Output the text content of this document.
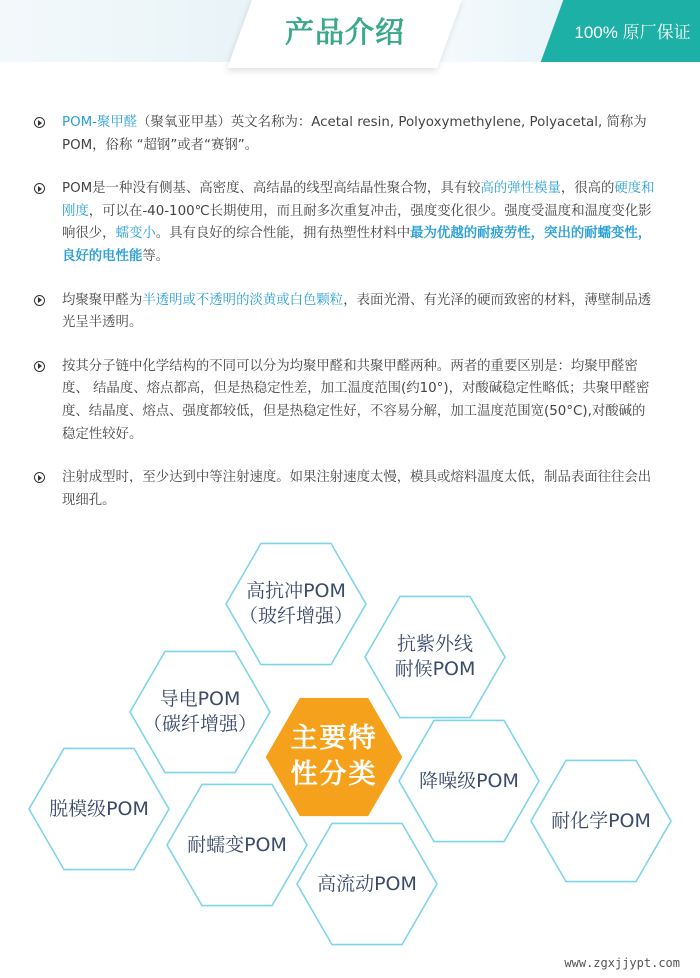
产品介绍	100% 原厂保证
POM-聚甲醛（聚氧亚甲基）英文名称为：Acetal resin, Polyoxymethylene, Polyacetal, 简称为POM，俗称 “超钢”或者“赛钢”。
POM是一种没有侧基、高密度、高结晶的线型高结晶性聚合物，具有较高的弹性模量，很高的硬度和刚度，可以在-40-100℃长期使用，而且耐多次重复冲击，强度变化很少。强度受温度和温度变化影响很少，蠕变小。具有良好的综合性能，拥有热塑性材料中最为优越的耐疲劳性，突出的耐蠕变性，良好的电性能等。
均聚聚甲醛为半透明或不透明的淡黄或白色颗粒，表面光滑、有光泽的硬而致密的材料，薄壁制品透光呈半透明。
按其分子链中化学结构的不同可以分为均聚甲醛和共聚甲醛两种。两者的重要区别是：均聚甲醛密度、 结晶度、熔点都高，但是热稳定性差，加工温度范围(约10°)，对酸碱稳定性略低；共聚甲醛密度、结晶度、熔点、强度都较低，但是热稳定性好，不容易分解，加工温度范围宽(50°C),对酸碱的稳定性较好。
注射成型时，至少达到中等注射速度。如果注射速度太慢，模具或熔料温度太低，制品表面往往会出现细孔。
高抗冲POM
（玻纤增强）
抗紫外线
耐候POM
导电POM
（碳纤增强）
脱模级POM
降噪级POM
耐化学POM
耐蠕变POM
高流动POM
主要特
性分类
www.zgxjjypt.com
